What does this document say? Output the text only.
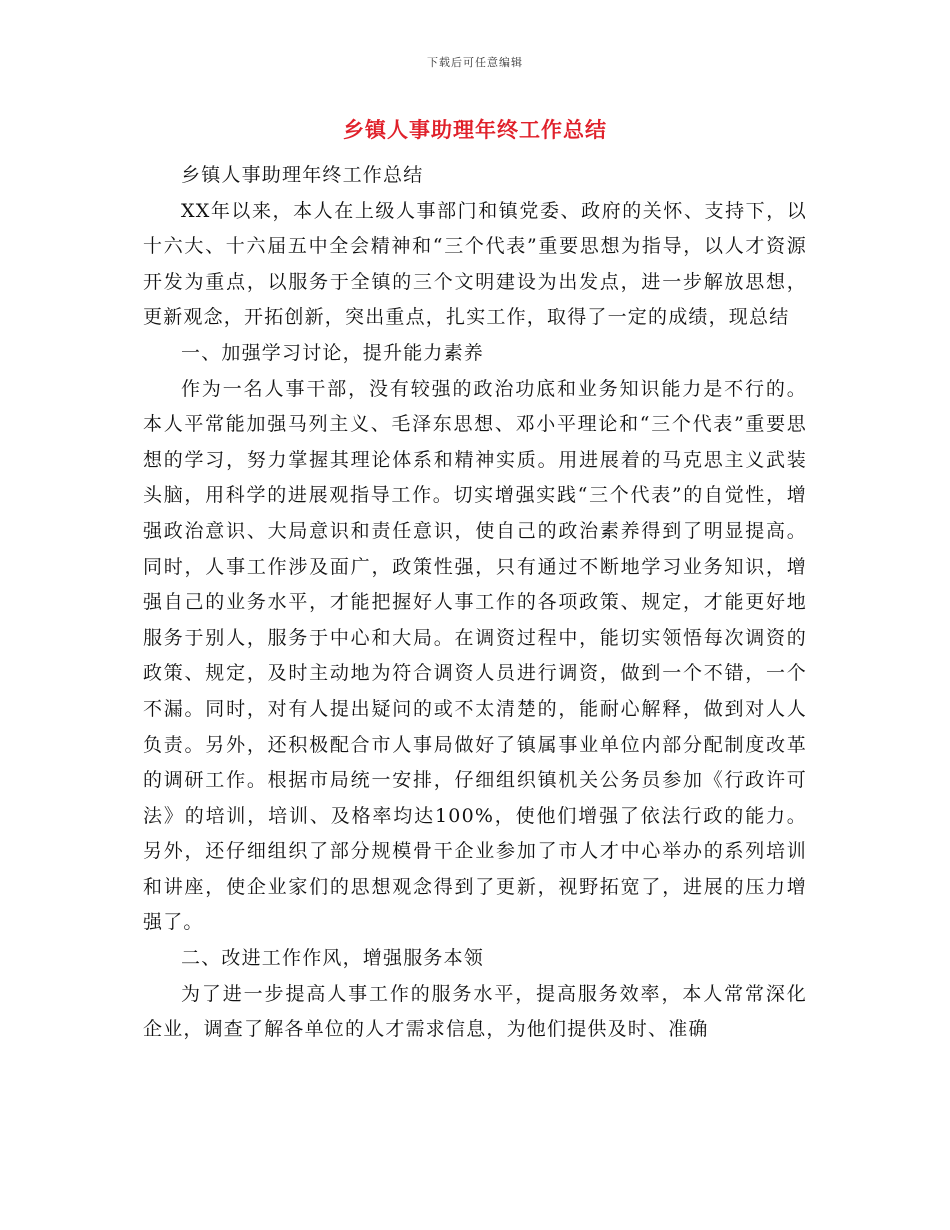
下载后可任意编辑
乡镇人事助理年终工作总结

乡镇人事助理年终工作总结

XX年以来，本人在上级人事部门和镇党委、政府的关怀、支持下，以十六大、十六届五中全会精神和“三个代表”重要思想为指导，以人才资源开发为重点，以服务于全镇的三个文明建设为出发点，进一步解放思想，更新观念，开拓创新，突出重点，扎实工作，取得了一定的成绩，现总结

一、加强学习讨论，提升能力素养

作为一名人事干部，没有较强的政治功底和业务知识能力是不行的。本人平常能加强马列主义、毛泽东思想、邓小平理论和“三个代表”重要思想的学习，努力掌握其理论体系和精神实质。用进展着的马克思主义武装头脑，用科学的进展观指导工作。切实增强实践“三个代表”的自觉性，增强政治意识、大局意识和责任意识，使自己的政治素养得到了明显提高。同时，人事工作涉及面广，政策性强，只有通过不断地学习业务知识，增强自己的业务水平，才能把握好人事工作的各项政策、规定，才能更好地服务于别人，服务于中心和大局。在调资过程中，能切实领悟每次调资的政策、规定，及时主动地为符合调资人员进行调资，做到一个不错，一个不漏。同时，对有人提出疑问的或不太清楚的，能耐心解释，做到对人人负责。另外，还积极配合市人事局做好了镇属事业单位内部分配制度改革的调研工作。根据市局统一安排，仔细组织镇机关公务员参加《行政许可法》的培训，培训、及格率均达100%，使他们增强了依法行政的能力。另外，还仔细组织了部分规模骨干企业参加了市人才中心举办的系列培训和讲座，使企业家们的思想观念得到了更新，视野拓宽了，进展的压力增强了。

二、改进工作作风，增强服务本领

为了进一步提高人事工作的服务水平，提高服务效率，本人常常深化企业，调查了解各单位的人才需求信息，为他们提供及时、准确
